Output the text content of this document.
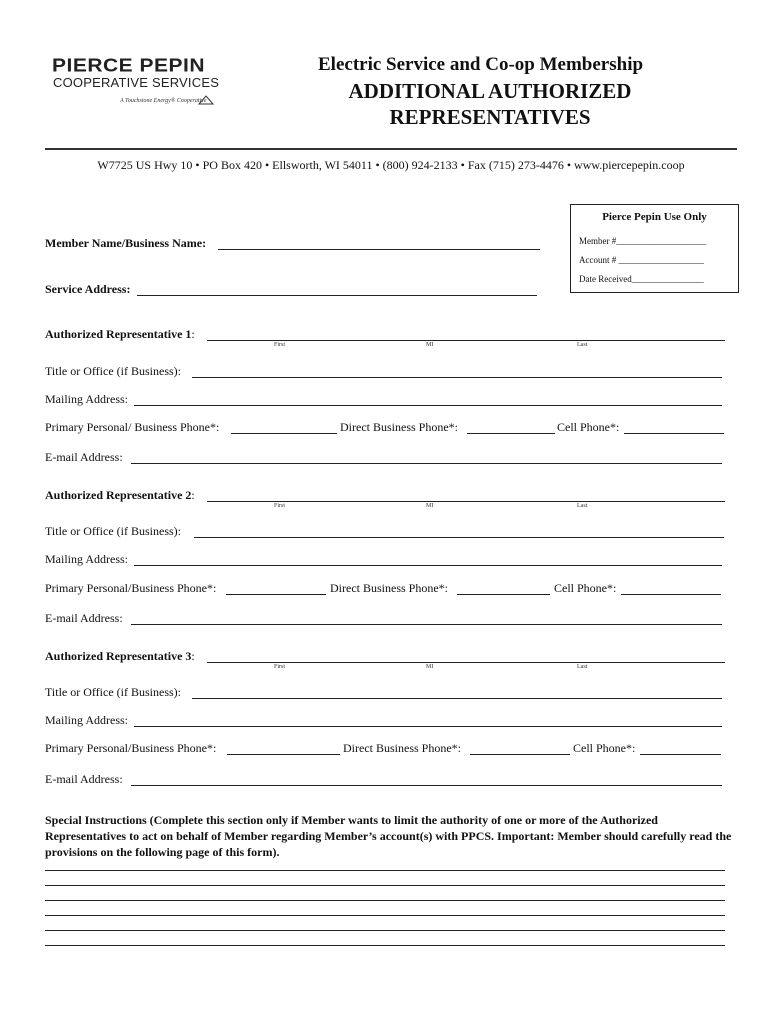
PIERCE PEPIN
COOPERATIVE SERVICES
A Touchstone Energy® Cooperative
Electric Service and Co-op Membership
ADDITIONAL AUTHORIZED REPRESENTATIVES
W7725 US Hwy 10 • PO Box 420 • Ellsworth, WI 54011 • (800) 924-2133 • Fax (715) 273-4476 • www.piercepepin.coop
Pierce Pepin Use Only
Member #____________________
Account # ___________________
Date Received________________
Member Name/Business Name:
Service Address:
Authorized Representative 1:
First	MI	Last
Title or Office (if Business):
Mailing Address:
Primary Personal/ Business Phone*:	Direct Business Phone*:	Cell Phone*:
E-mail Address:
Authorized Representative 2:
First	MI	Last
Title or Office (if Business):
Mailing Address:
Primary Personal/Business Phone*:	Direct Business Phone*:	Cell Phone*:
E-mail Address:
Authorized Representative 3:
First	MI	Last
Title or Office (if Business):
Mailing Address:
Primary Personal/Business Phone*:	Direct Business Phone*:	Cell Phone*:
E-mail Address:
Special Instructions (Complete this section only if Member wants to limit the authority of one or more of the Authorized Representatives to act on behalf of Member regarding Member’s account(s) with PPCS. Important: Member should carefully read the provisions on the following page of this form).
